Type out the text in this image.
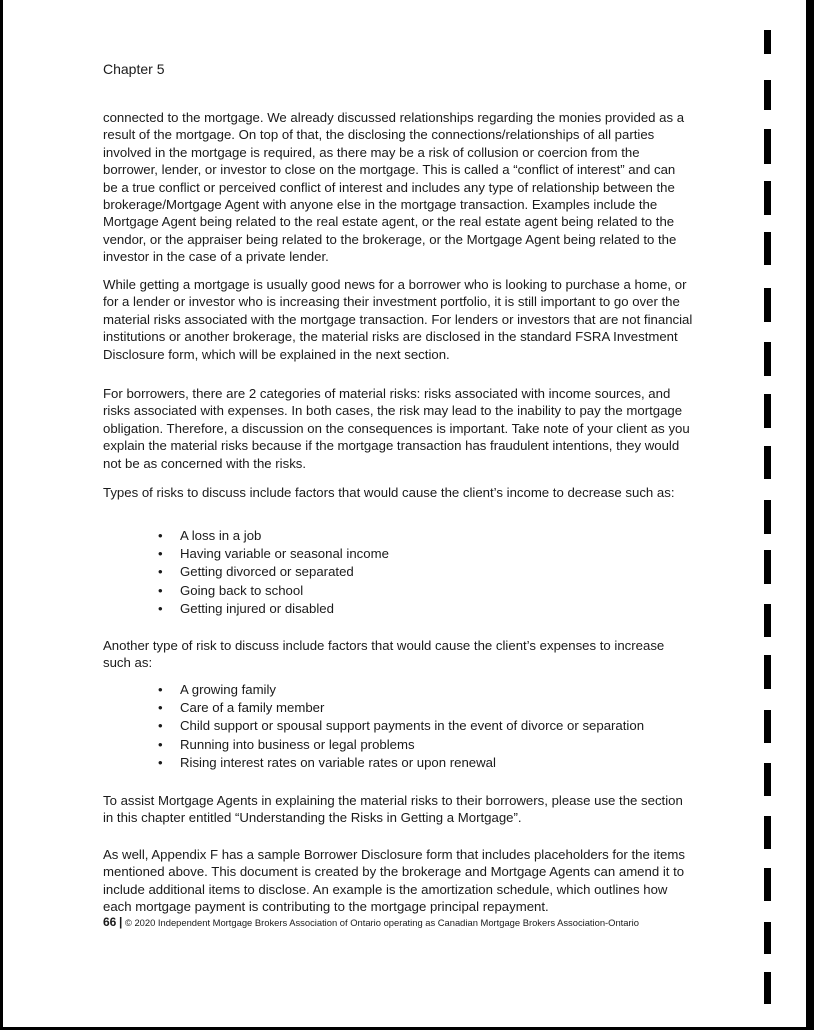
Chapter 5

connected to the mortgage. We already discussed relationships regarding the monies provided as a result of the mortgage. On top of that, the disclosing the connections/relationships of all parties involved in the mortgage is required, as there may be a risk of collusion or coercion from the borrower, lender, or investor to close on the mortgage. This is called a “conflict of interest” and can be a true conflict or perceived conflict of interest and includes any type of relationship between the brokerage/Mortgage Agent with anyone else in the mortgage transaction. Examples include the Mortgage Agent being related to the real estate agent, or the real estate agent being related to the vendor, or the appraiser being related to the brokerage, or the Mortgage Agent being related to the investor in the case of a private lender.

While getting a mortgage is usually good news for a borrower who is looking to purchase a home, or for a lender or investor who is increasing their investment portfolio, it is still important to go over the material risks associated with the mortgage transaction. For lenders or investors that are not financial institutions or another brokerage, the material risks are disclosed in the standard FSRA Investment Disclosure form, which will be explained in the next section.

For borrowers, there are 2 categories of material risks: risks associated with income sources, and risks associated with expenses. In both cases, the risk may lead to the inability to pay the mortgage obligation. Therefore, a discussion on the consequences is important. Take note of your client as you explain the material risks because if the mortgage transaction has fraudulent intentions, they would not be as concerned with the risks.

Types of risks to discuss include factors that would cause the client’s income to decrease such as:

• A loss in a job
• Having variable or seasonal income
• Getting divorced or separated
• Going back to school
• Getting injured or disabled

Another type of risk to discuss include factors that would cause the client’s expenses to increase such as:

• A growing family
• Care of a family member
• Child support or spousal support payments in the event of divorce or separation
• Running into business or legal problems
• Rising interest rates on variable rates or upon renewal

To assist Mortgage Agents in explaining the material risks to their borrowers, please use the section in this chapter entitled “Understanding the Risks in Getting a Mortgage”.

As well, Appendix F has a sample Borrower Disclosure form that includes placeholders for the items mentioned above. This document is created by the brokerage and Mortgage Agents can amend it to include additional items to disclose. An example is the amortization schedule, which outlines how each mortgage payment is contributing to the mortgage principal repayment.

66 | © 2020 Independent Mortgage Brokers Association of Ontario operating as Canadian Mortgage Brokers Association-Ontario
